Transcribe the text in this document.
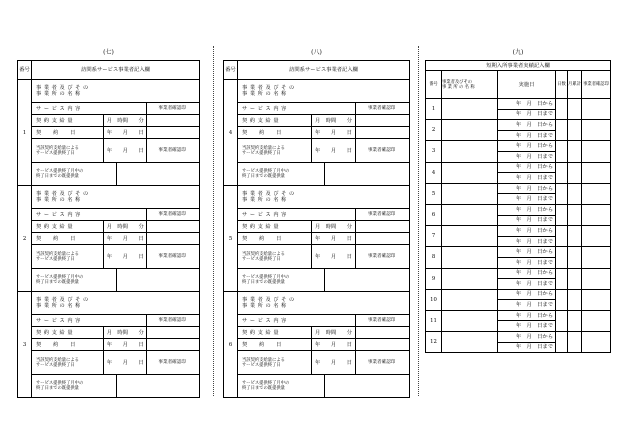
(七)
番号	訪問系サービス事業者記入欄
1	
事 業 者 及 び そ の
事 業 所 の 名 称

サ ー ビ ス 内 容		事業者確認印

契 約 支 給 量	月　時間　　分	

契　　約　　日	年　　月　　日	

当該契約支給量による
サービス提供終了日	年　　月　　日	事業者確認印

サービス提供終了月中の
終了日までの既提供量

2	
事 業 者 及 び そ の
事 業 所 の 名 称

サ ー ビ ス 内 容		事業者確認印

契 約 支 給 量	月　時間　　分	

契　　約　　日	年　　月　　日	

当該契約支給量による
サービス提供終了日	年　　月　　日	事業者確認印

サービス提供終了月中の
終了日までの既提供量

3	
事 業 者 及 び そ の
事 業 所 の 名 称

サ ー ビ ス 内 容		事業者確認印

契 約 支 給 量	月　時間　　分	

契　　約　　日	年　　月　　日	

当該契約支給量による
サービス提供終了日	年　　月　　日	事業者確認印

サービス提供終了月中の
終了日までの既提供量

(八)
番号	訪問系サービス事業者記入欄
4	
事 業 者 及 び そ の
事 業 所 の 名 称

サ ー ビ ス 内 容		事業者確認印

契 約 支 給 量	月　時間　　分	

契　　約　　日	年　　月　　日	

当該契約支給量による
サービス提供終了日	年　　月　　日	事業者確認印

サービス提供終了月中の
終了日までの既提供量

5	
事 業 者 及 び そ の
事 業 所 の 名 称

サ ー ビ ス 内 容		事業者確認印

契 約 支 給 量	月　時間　　分	

契　　約　　日	年　　月　　日	

当該契約支給量による
サービス提供終了日	年　　月　　日	事業者確認印

サービス提供終了月中の
終了日までの既提供量

6	
事 業 者 及 び そ の
事 業 所 の 名 称

サ ー ビ ス 内 容		事業者確認印

契 約 支 給 量	月　時間　　分	

契　　約　　日	年　　月　　日	

当該契約支給量による
サービス提供終了日	年　　月　　日	事業者確認印

サービス提供終了月中の
終了日までの既提供量

(九)
短期入所事業者実績記入欄					
番号	事業者及びその
事 業 所 の 名 称	実施日	日数	月累計	事業者確認印
1		年　月　日から			
		年　月　日まで			
2		年　月　日から			
		年　月　日まで			
3		年　月　日から			
		年　月　日まで			
4		年　月　日から			
		年　月　日まで			
5		年　月　日から			
		年　月　日まで			
6		年　月　日から			
		年　月　日まで			
7		年　月　日から			
		年　月　日まで			
8		年　月　日から			
		年　月　日まで			
9		年　月　日から			
		年　月　日まで			
10		年　月　日から			
		年　月　日まで			
11		年　月　日から			
		年　月　日まで			
12		年　月　日から			
		年　月　日まで			
